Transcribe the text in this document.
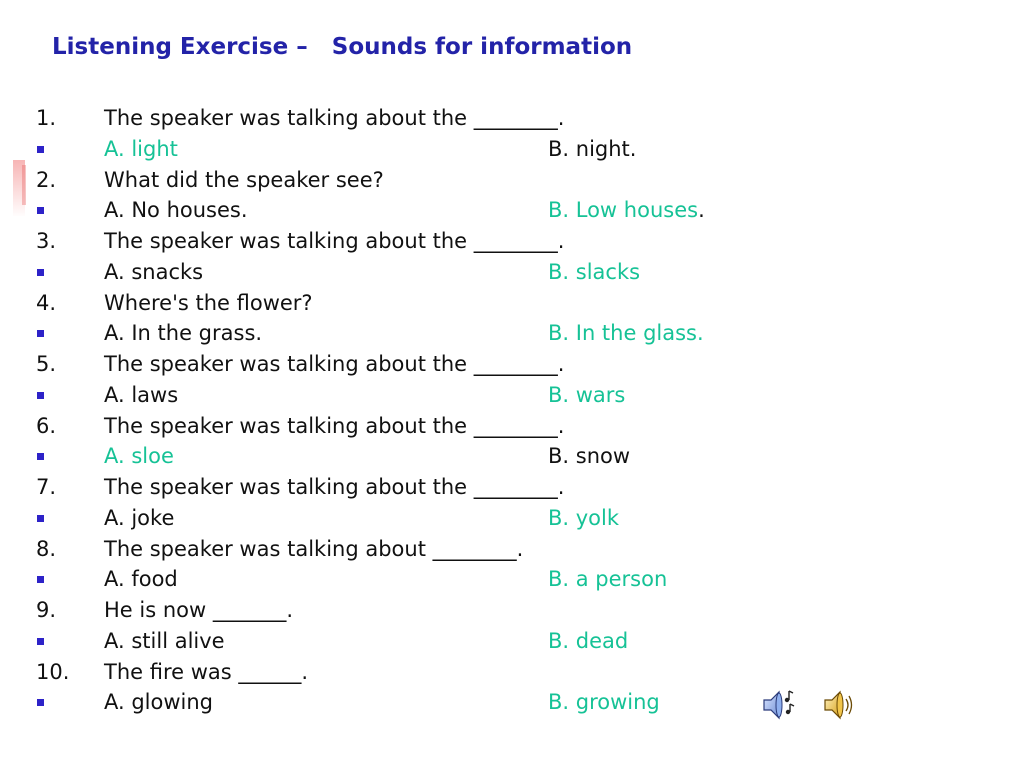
Listening Exercise –   Sounds for information
1. The speaker was talking about the ________.
A. light	B. night.
2. What did the speaker see?
A. No houses.	B. Low houses.
3. The speaker was talking about the ________.
A. snacks	B. slacks
4. Where's the flower?
A. In the grass.	B. In the glass.
5. The speaker was talking about the ________.
A. laws	B. wars
6. The speaker was talking about the ________.
A. sloe	B. snow
7. The speaker was talking about the ________.
A. joke	B. yolk
8. The speaker was talking about ________.
A. food	B. a person
9. He is now _______.
A. still alive	B. dead
10. The fire was ______.
A. glowing	B. growing
